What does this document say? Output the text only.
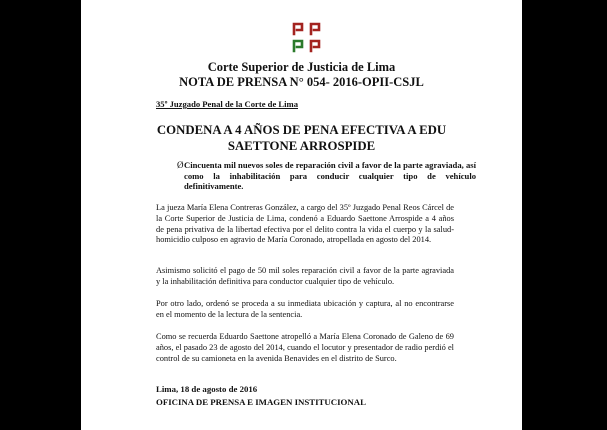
Corte Superior de Justicia de Lima
NOTA DE PRENSA N° 054- 2016-OPII-CSJL
35º Juzgado Penal de la Corte de Lima
CONDENA A 4 AÑOS DE PENA EFECTIVA A EDU SAETTONE ARROSPIDE
Ø Cincuenta mil nuevos soles de reparación civil a favor de la parte agraviada, así como la inhabilitación para conducir cualquier tipo de vehículo definitivamente.
La jueza María Elena Contreras González, a cargo del 35º Juzgado Penal Reos Cárcel de la Corte Superior de Justicia de Lima, condenó a Eduardo Saettone Arrospide a 4 años de pena privativa de la libertad efectiva por el delito contra la vida el cuerpo y la salud- homicidio culposo en agravio de María Coronado, atropellada en agosto del 2014.
Asimismo solicitó el pago de 50 mil soles reparación civil a favor de la parte agraviada y la inhabilitación definitiva para conductor cualquier tipo de vehículo.
Por otro lado, ordenó se proceda a su inmediata ubicación y captura, al no encontrarse en el momento de la lectura de la sentencia.
Como se recuerda Eduardo Saettone atropelló a María Elena Coronado de Galeno de 69 años, el pasado 23 de agosto del 2014, cuando el locutor y presentador de radio perdió el control de su camioneta en la avenida Benavides en el distrito de Surco.
Lima, 18 de agosto de 2016
OFICINA DE PRENSA E IMAGEN INSTITUCIONAL
